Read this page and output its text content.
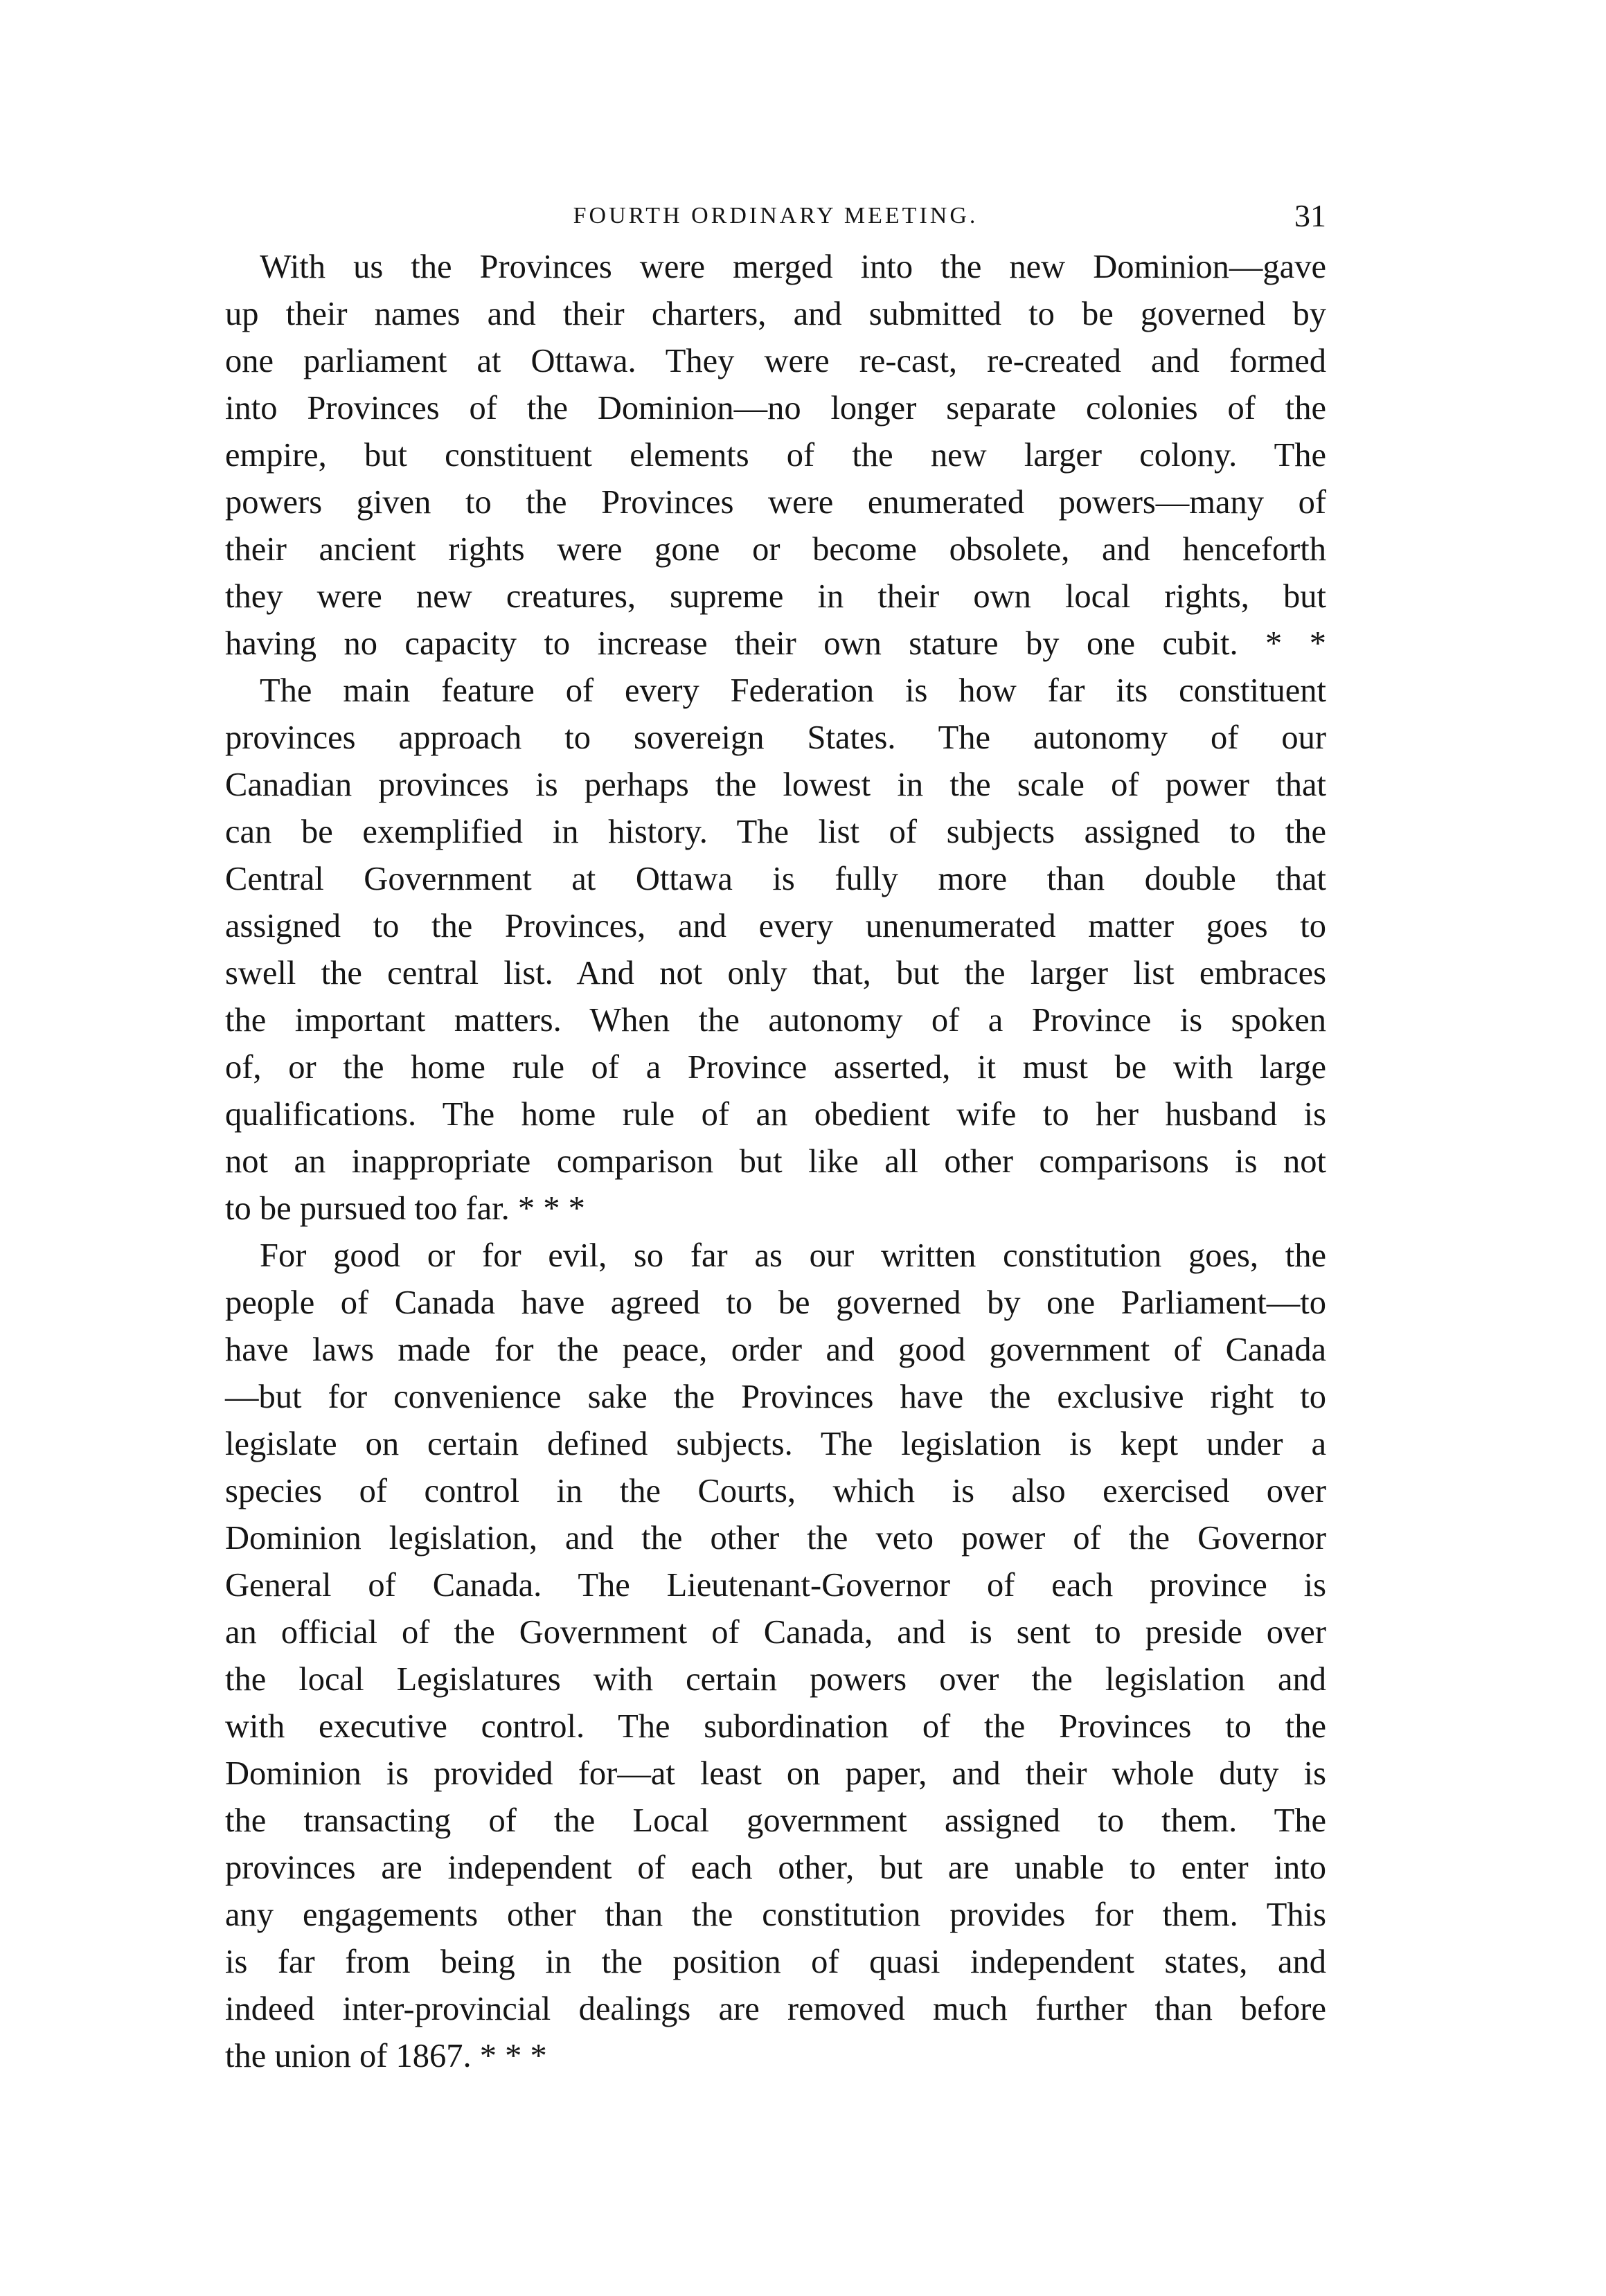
FOURTH ORDINARY MEETING.	31
With us the Provinces were merged into the new Dominion—gave
up their names and their charters, and submitted to be governed by
one parliament at Ottawa. They were re-cast, re-created and formed
into Provinces of the Dominion—no longer separate colonies of the
empire, but constituent elements of the new larger colony. The
powers given to the Provinces were enumerated powers—many of
their ancient rights were gone or become obsolete, and henceforth
they were new creatures, supreme in their own local rights, but
having no capacity to increase their own stature by one cubit. * *
The main feature of every Federation is how far its constituent
provinces approach to sovereign States. The autonomy of our
Canadian provinces is perhaps the lowest in the scale of power that
can be exemplified in history. The list of subjects assigned to the
Central Government at Ottawa is fully more than double that
assigned to the Provinces, and every unenumerated matter goes to
swell the central list. And not only that, but the larger list embraces
the important matters. When the autonomy of a Province is spoken
of, or the home rule of a Province asserted, it must be with large
qualifications. The home rule of an obedient wife to her husband is
not an inappropriate comparison but like all other comparisons is not
to be pursued too far. * * *
For good or for evil, so far as our written constitution goes, the
people of Canada have agreed to be governed by one Parliament—to
have laws made for the peace, order and good government of Canada
—but for convenience sake the Provinces have the exclusive right to
legislate on certain defined subjects. The legislation is kept under a
species of control in the Courts, which is also exercised over
Dominion legislation, and the other the veto power of the Governor
General of Canada. The Lieutenant-Governor of each province is
an official of the Government of Canada, and is sent to preside over
the local Legislatures with certain powers over the legislation and
with executive control. The subordination of the Provinces to the
Dominion is provided for—at least on paper, and their whole duty is
the transacting of the Local government assigned to them. The
provinces are independent of each other, but are unable to enter into
any engagements other than the constitution provides for them. This
is far from being in the position of quasi independent states, and
indeed inter-provincial dealings are removed much further than before
the union of 1867. * * *
